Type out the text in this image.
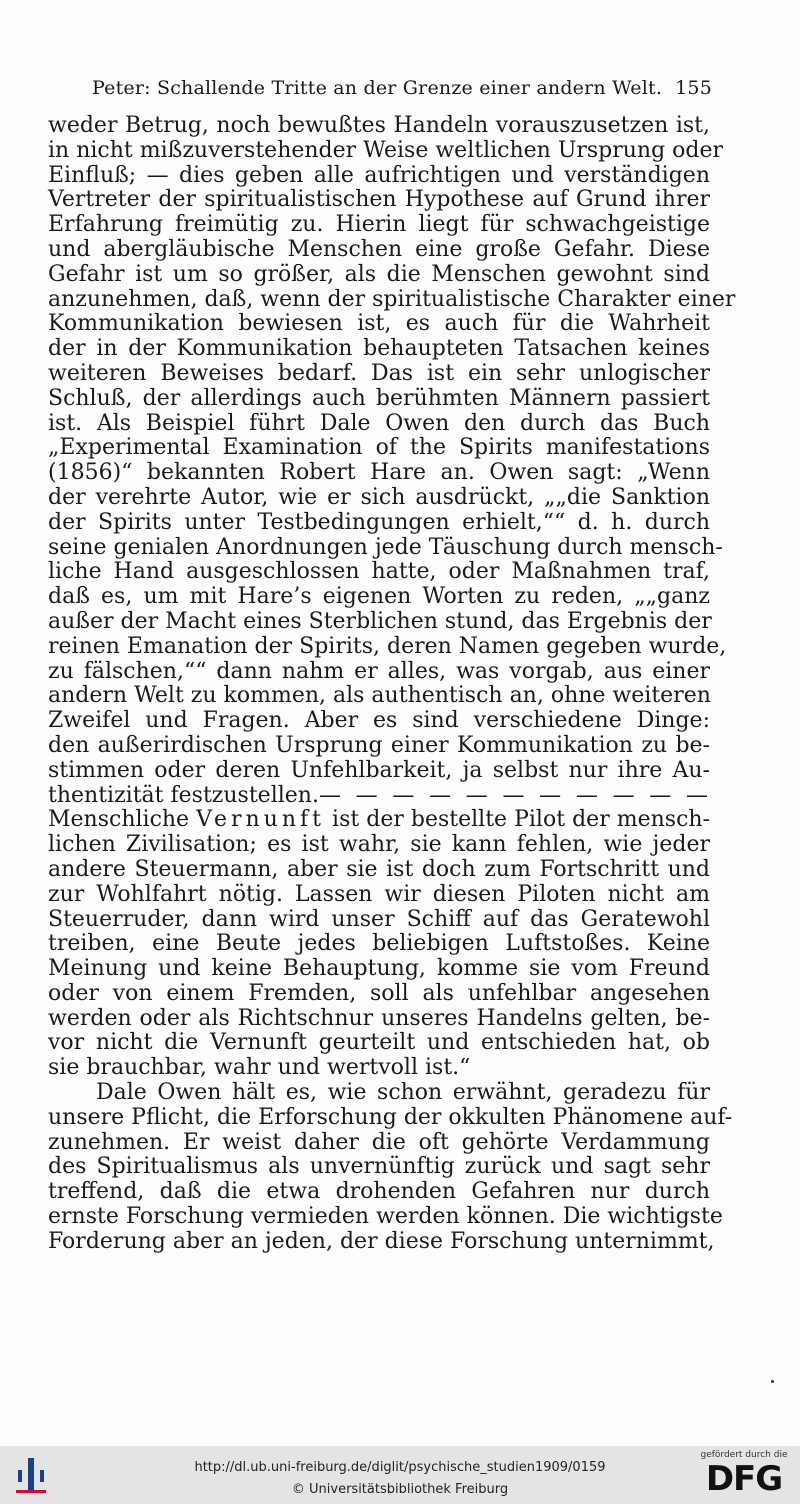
Peter: Schallende Tritte an der Grenze einer andern Welt. 155
weder Betrug, noch bewußtes Handeln vorauszusetzen ist,
in nicht mißzuverstehender Weise weltlichen Ursprung oder
Einfluß; — dies geben alle aufrichtigen und verständigen
Vertreter der spiritualistischen Hypothese auf Grund ihrer
Erfahrung freimütig zu. Hierin liegt für schwachgeistige
und abergläubische Menschen eine große Gefahr. Diese
Gefahr ist um so größer, als die Menschen gewohnt sind
anzunehmen, daß, wenn der spiritualistische Charakter einer
Kommunikation bewiesen ist, es auch für die Wahrheit
der in der Kommunikation behaupteten Tatsachen keines
weiteren Beweises bedarf. Das ist ein sehr unlogischer
Schluß, der allerdings auch berühmten Männern passiert
ist. Als Beispiel führt Dale Owen den durch das Buch
„Experimental Examination of the Spirits manifestations
(1856)“ bekannten Robert Hare an. Owen sagt: „Wenn
der verehrte Autor, wie er sich ausdrückt, „„die Sanktion
der Spirits unter Testbedingungen erhielt,““ d. h. durch
seine genialen Anordnungen jede Täuschung durch mensch-
liche Hand ausgeschlossen hatte, oder Maßnahmen traf,
daß es, um mit Hare’s eigenen Worten zu reden, „„ganz
außer der Macht eines Sterblichen stund, das Ergebnis der
reinen Emanation der Spirits, deren Namen gegeben wurde,
zu fälschen,““ dann nahm er alles, was vorgab, aus einer
andern Welt zu kommen, als authentisch an, ohne weiteren
Zweifel und Fragen. Aber es sind verschiedene Dinge:
den außerirdischen Ursprung einer Kommunikation zu be-
stimmen oder deren Unfehlbarkeit, ja selbst nur ihre Au-
thentizität festzustellen. — — — — — — — — — — —
Menschliche Vernunft ist der bestellte Pilot der mensch-
lichen Zivilisation; es ist wahr, sie kann fehlen, wie jeder
andere Steuermann, aber sie ist doch zum Fortschritt und
zur Wohlfahrt nötig. Lassen wir diesen Piloten nicht am
Steuerruder, dann wird unser Schiff auf das Geratewohl
treiben, eine Beute jedes beliebigen Luftstoßes. Keine
Meinung und keine Behauptung, komme sie vom Freund
oder von einem Fremden, soll als unfehlbar angesehen
werden oder als Richtschnur unseres Handelns gelten, be-
vor nicht die Vernunft geurteilt und entschieden hat, ob
sie brauchbar, wahr und wertvoll ist.“
Dale Owen hält es, wie schon erwähnt, geradezu für
unsere Pflicht, die Erforschung der okkulten Phänomene auf-
zunehmen. Er weist daher die oft gehörte Verdammung
des Spiritualismus als unvernünftig zurück und sagt sehr
treffend, daß die etwa drohenden Gefahren nur durch
ernste Forschung vermieden werden können. Die wichtigste
Forderung aber an jeden, der diese Forschung unternimmt,
http://dl.ub.uni-freiburg.de/diglit/psychische_studien1909/0159
© Universitätsbibliothek Freiburg
gefördert durch die
DFG
